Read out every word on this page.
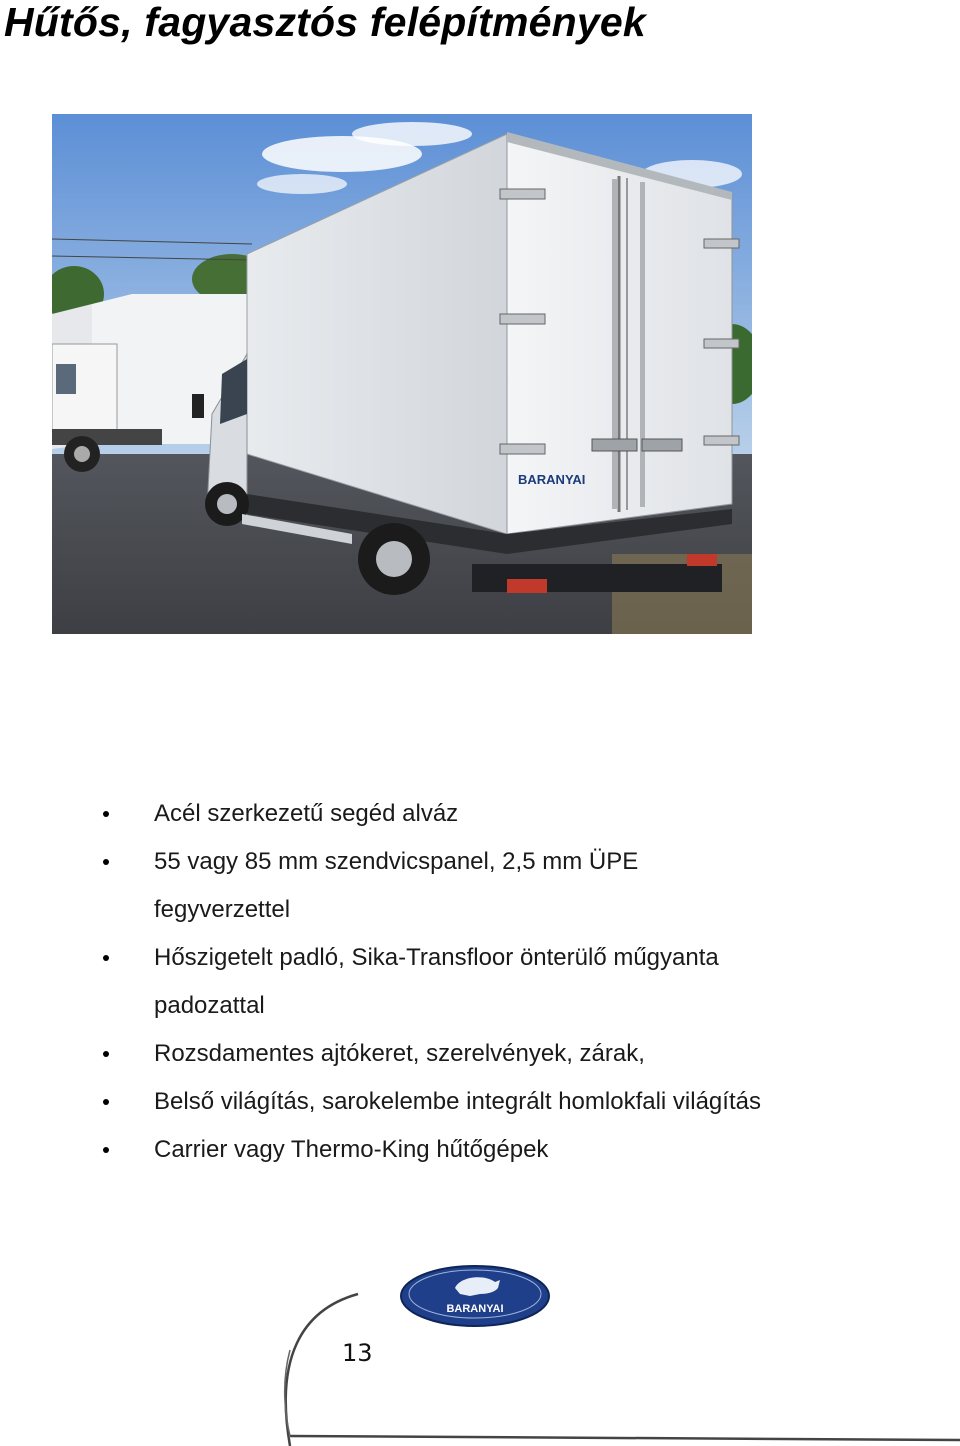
Hűtős, fagyasztós felépítmények
BARANYAI
Acél szerkezetű segéd alváz
55 vagy 85 mm szendvicspanel, 2,5 mm ÜPE fegyverzettel
Hőszigetelt padló, Sika-Transfloor önterülő műgyanta padozattal
Rozsdamentes ajtókeret, szerelvények, zárak,
Belső világítás, sarokelembe integrált homlokfali világítás
Carrier vagy Thermo-King hűtőgépek
BARANYAI
13
